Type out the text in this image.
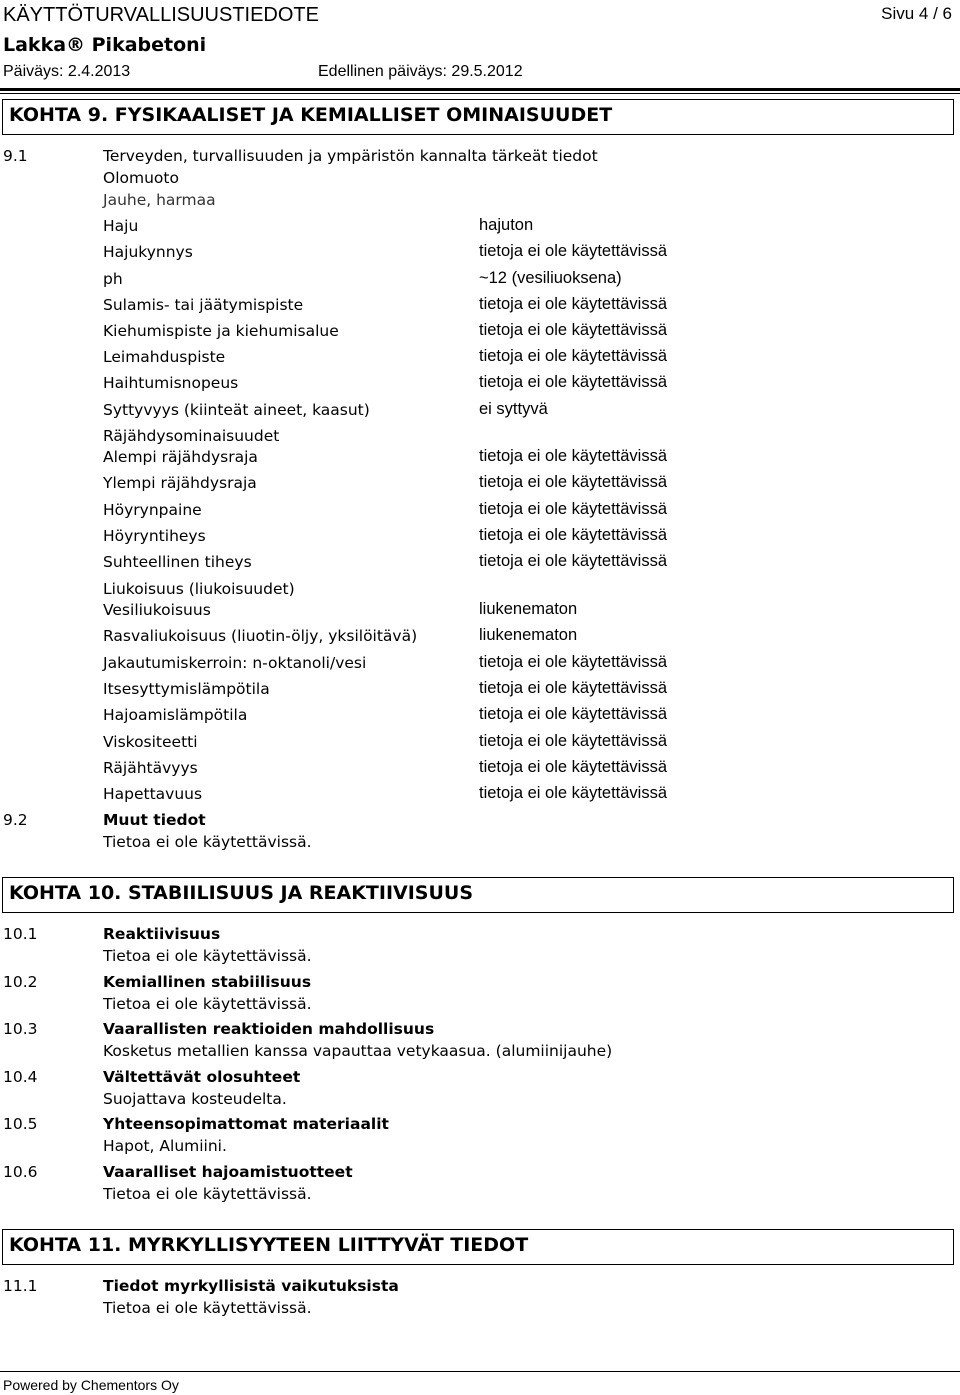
KÄYTTÖTURVALLISUUSTIEDOTE	Sivu 4 / 6
Lakka® Pikabetoni
Päiväys: 2.4.2013	Edellinen päiväys: 29.5.2012
KOHTA 9. FYSIKAALISET JA KEMIALLISET OMINAISUUDET
9.1	Terveyden, turvallisuuden ja ympäristön kannalta tärkeät tiedot
Olomuoto
Jauhe, harmaa
Haju	hajuton
Hajukynnys	tietoja ei ole käytettävissä
ph	~12 (vesiliuoksena)
Sulamis- tai jäätymispiste	tietoja ei ole käytettävissä
Kiehumispiste ja kiehumisalue	tietoja ei ole käytettävissä
Leimahduspiste	tietoja ei ole käytettävissä
Haihtumisnopeus	tietoja ei ole käytettävissä
Syttyvyys (kiinteät aineet, kaasut)	ei syttyvä
Räjähdysominaisuudet
Alempi räjähdysraja	tietoja ei ole käytettävissä
Ylempi räjähdysraja	tietoja ei ole käytettävissä
Höyrynpaine	tietoja ei ole käytettävissä
Höyryntiheys	tietoja ei ole käytettävissä
Suhteellinen tiheys	tietoja ei ole käytettävissä
Liukoisuus (liukoisuudet)
Vesiliukoisuus	liukenematon
Rasvaliukoisuus (liuotin-öljy, yksilöitävä)	liukenematon
Jakautumiskerroin: n-oktanoli/vesi	tietoja ei ole käytettävissä
Itsesyttymislämpötila	tietoja ei ole käytettävissä
Hajoamislämpötila	tietoja ei ole käytettävissä
Viskositeetti	tietoja ei ole käytettävissä
Räjähtävyys	tietoja ei ole käytettävissä
Hapettavuus	tietoja ei ole käytettävissä
9.2	Muut tiedot
Tietoa ei ole käytettävissä.
KOHTA 10. STABIILISUUS JA REAKTIIVISUUS
10.1	Reaktiivisuus
Tietoa ei ole käytettävissä.
10.2	Kemiallinen stabiilisuus
Tietoa ei ole käytettävissä.
10.3	Vaarallisten reaktioiden mahdollisuus
Kosketus metallien kanssa vapauttaa vetykaasua. (alumiinijauhe)
10.4	Vältettävät olosuhteet
Suojattava kosteudelta.
10.5	Yhteensopimattomat materiaalit
Hapot, Alumiini.
10.6	Vaaralliset hajoamistuotteet
Tietoa ei ole käytettävissä.
KOHTA 11. MYRKYLLISYYTEEN LIITTYVÄT TIEDOT
11.1	Tiedot myrkyllisistä vaikutuksista
Tietoa ei ole käytettävissä.
Powered by Chementors Oy
